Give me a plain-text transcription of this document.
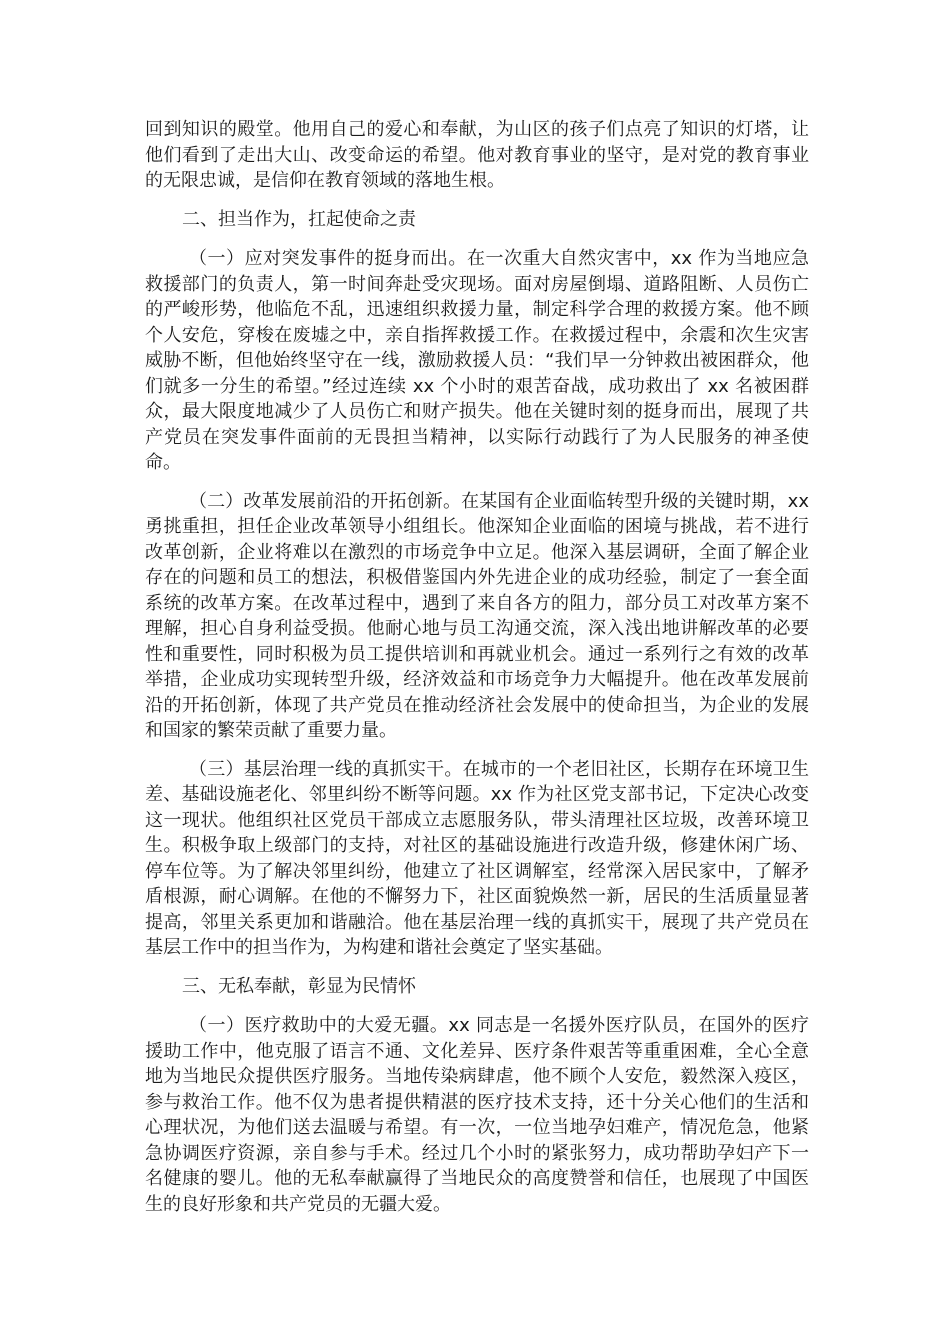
回到知识的殿堂。他用自己的爱心和奉献，为山区的孩子们点亮了知识的灯塔，让他们看到了走出大山、改变命运的希望。他对教育事业的坚守，是对党的教育事业的无限忠诚，是信仰在教育领域的落地生根。

二、担当作为，扛起使命之责

（一）应对突发事件的挺身而出。在一次重大自然灾害中，xx 作为当地应急救援部门的负责人，第一时间奔赴受灾现场。面对房屋倒塌、道路阻断、人员伤亡的严峻形势，他临危不乱，迅速组织救援力量，制定科学合理的救援方案。他不顾个人安危，穿梭在废墟之中，亲自指挥救援工作。在救援过程中，余震和次生灾害威胁不断，但他始终坚守在一线，激励救援人员：“我们早一分钟救出被困群众，他们就多一分生的希望。”经过连续 xx 个小时的艰苦奋战，成功救出了 xx 名被困群众，最大限度地减少了人员伤亡和财产损失。他在关键时刻的挺身而出，展现了共产党员在突发事件面前的无畏担当精神，以实际行动践行了为人民服务的神圣使命。

（二）改革发展前沿的开拓创新。在某国有企业面临转型升级的关键时期，xx 勇挑重担，担任企业改革领导小组组长。他深知企业面临的困境与挑战，若不进行改革创新，企业将难以在激烈的市场竞争中立足。他深入基层调研，全面了解企业存在的问题和员工的想法，积极借鉴国内外先进企业的成功经验，制定了一套全面系统的改革方案。在改革过程中，遇到了来自各方的阻力，部分员工对改革方案不理解，担心自身利益受损。他耐心地与员工沟通交流，深入浅出地讲解改革的必要性和重要性，同时积极为员工提供培训和再就业机会。通过一系列行之有效的改革举措，企业成功实现转型升级，经济效益和市场竞争力大幅提升。他在改革发展前沿的开拓创新，体现了共产党员在推动经济社会发展中的使命担当，为企业的发展和国家的繁荣贡献了重要力量。

（三）基层治理一线的真抓实干。在城市的一个老旧社区，长期存在环境卫生差、基础设施老化、邻里纠纷不断等问题。xx 作为社区党支部书记，下定决心改变这一现状。他组织社区党员干部成立志愿服务队，带头清理社区垃圾，改善环境卫生。积极争取上级部门的支持，对社区的基础设施进行改造升级，修建休闲广场、停车位等。为了解决邻里纠纷，他建立了社区调解室，经常深入居民家中，了解矛盾根源，耐心调解。在他的不懈努力下，社区面貌焕然一新，居民的生活质量显著提高，邻里关系更加和谐融洽。他在基层治理一线的真抓实干，展现了共产党员在基层工作中的担当作为，为构建和谐社会奠定了坚实基础。

三、无私奉献，彰显为民情怀

（一）医疗救助中的大爱无疆。xx 同志是一名援外医疗队员，在国外的医疗援助工作中，他克服了语言不通、文化差异、医疗条件艰苦等重重困难，全心全意地为当地民众提供医疗服务。当地传染病肆虐，他不顾个人安危，毅然深入疫区，参与救治工作。他不仅为患者提供精湛的医疗技术支持，还十分关心他们的生活和心理状况，为他们送去温暖与希望。有一次，一位当地孕妇难产，情况危急，他紧急协调医疗资源，亲自参与手术。经过几个小时的紧张努力，成功帮助孕妇产下一名健康的婴儿。他的无私奉献赢得了当地民众的高度赞誉和信任，也展现了中国医生的良好形象和共产党员的无疆大爱。
